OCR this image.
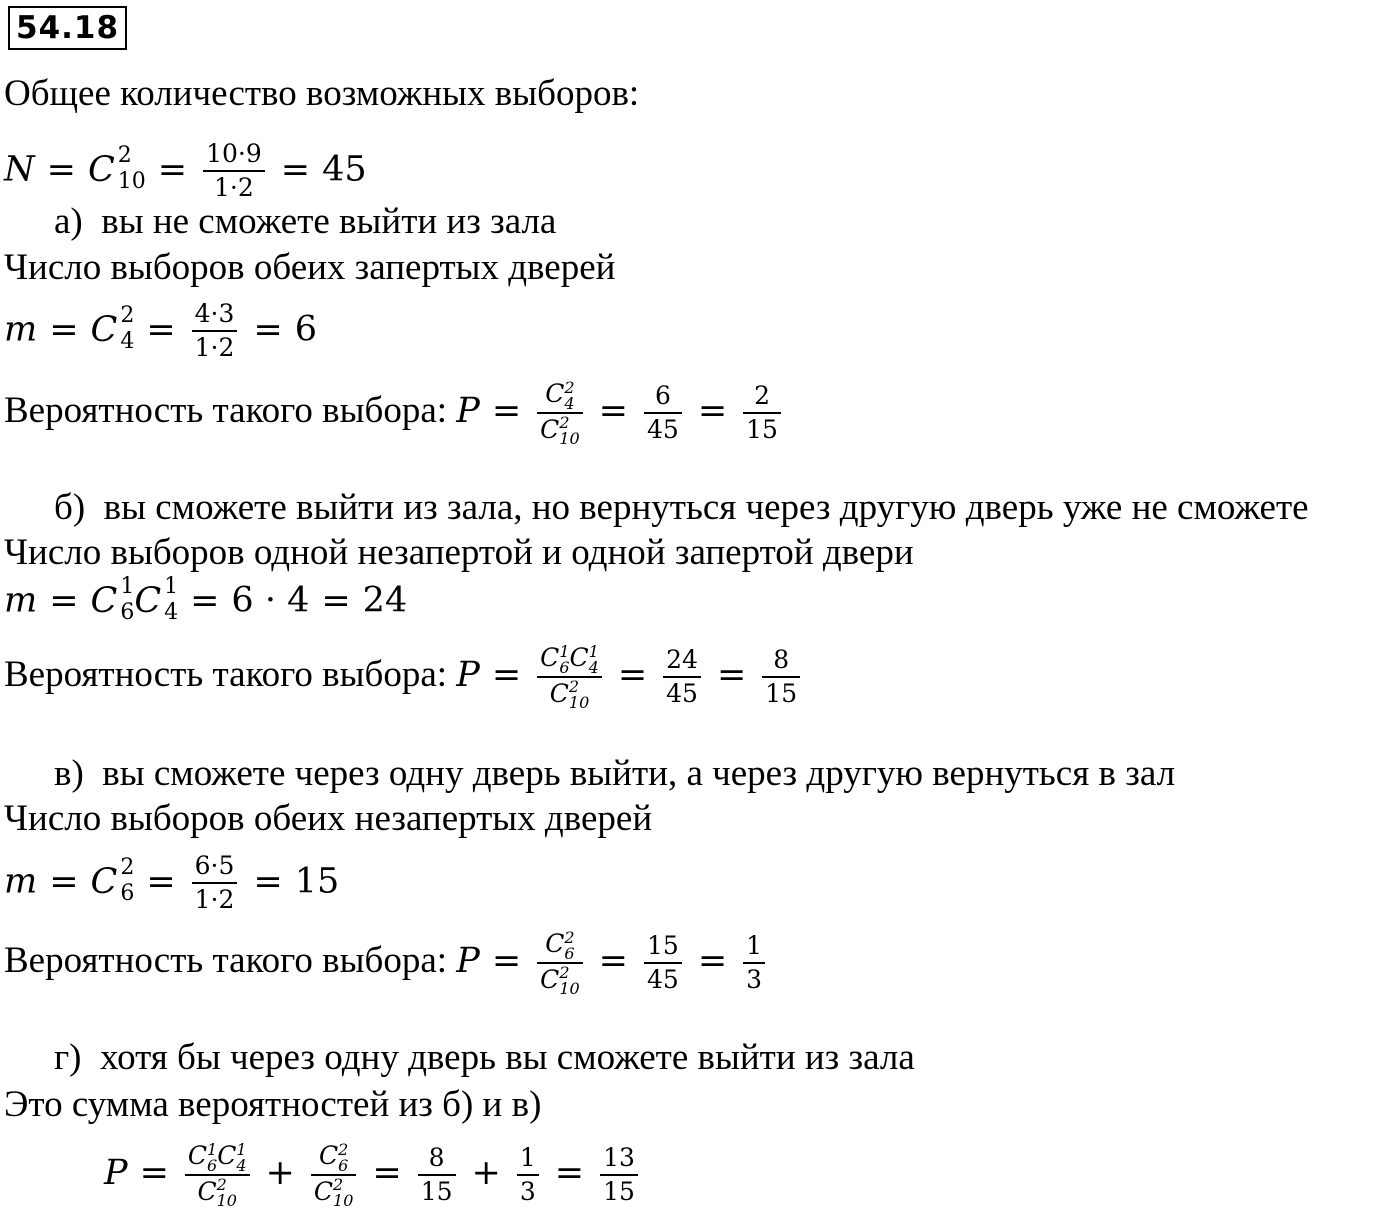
54.18
Общее количество возможных выборов:
N = C 2
$10 = \frac{10\cdot 9}{1\cdot 2} = 45$
а) вы не сможете выйти из зала
Число выборов обеих запертых дверей
m = C 2
$4 = \frac{4\cdot 3}{1\cdot 2} = 6$
Вероятность такого выбора: P = C 2
4
C 2
$10 = \frac{6}{45} = \frac{2}{15}$
б) вы сможете выйти из зала, но вернуться через другую дверь уже не сможете
Число выборов одной незапертой и одной запертой двери
m = C 1
6 C 1
4 = 6 · 4 = 24
Вероятность такого выбора: P = C 1
6 C 1
4
C 2
$10 = \frac{24}{45} = \frac{8}{15}$
в) вы сможете через одну дверь выйти, а через другую вернуться в зал
Число выборов обеих незапертых дверей
m = C 2
$6 = \frac{6\cdot 5}{1\cdot 2} = 15$
Вероятность такого выбора: P = C 2
6
C 2
$10 = \frac{15}{45} = \frac{1}{3}$
г) хотя бы через одну дверь вы сможете выйти из зала
Это сумма вероятностей из б) и в)
P = C 1
6 C 1
4
C 2
10 + C 2
6
C 2
$10 = \frac{8}{15} + \frac{1}{3} = \frac{13}{15}$
